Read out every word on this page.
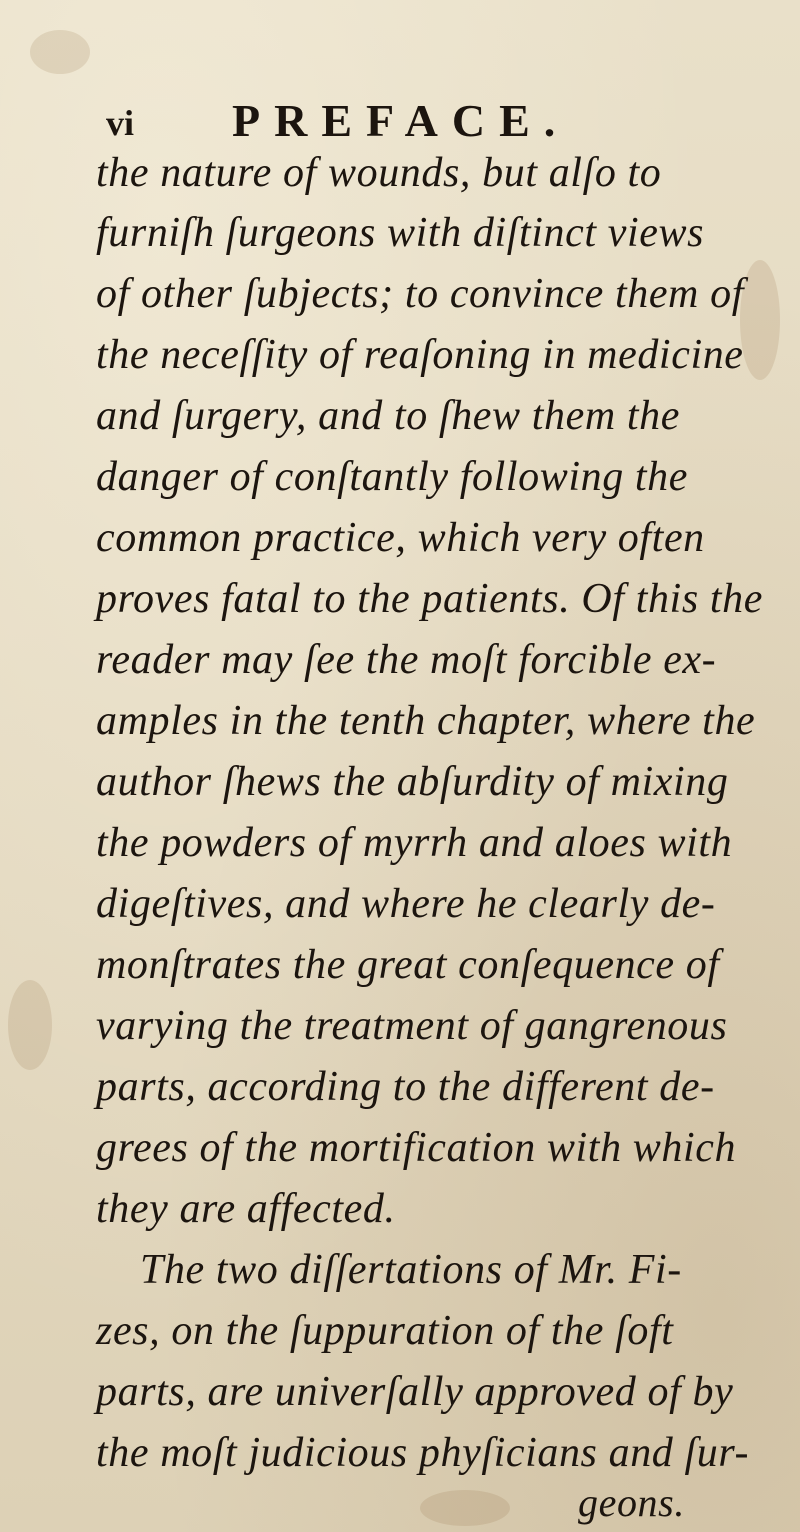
vi PREFACE.
the nature of wounds, but alſo to
furniſh ſurgeons with diſtinct views
of other ſubjects; to convince them of
the neceſſity of reaſoning in medicine
and ſurgery, and to ſhew them the
danger of conſtantly following the
common practice, which very often
proves fatal to the patients. Of this the
reader may ſee the moſt forcible ex-
amples in the tenth chapter, where the
author ſhews the abſurdity of mixing
the powders of myrrh and aloes with
digeſtives, and where he clearly de-
monſtrates the great conſequence of
varying the treatment of gangrenous
parts, according to the different de-
grees of the mortification with which
they are affected.
The two diſſertations of Mr. Fi-
zes, on the ſuppuration of the ſoft
parts, are univerſally approved of by
the moſt judicious phyſicians and ſur-
geons.
